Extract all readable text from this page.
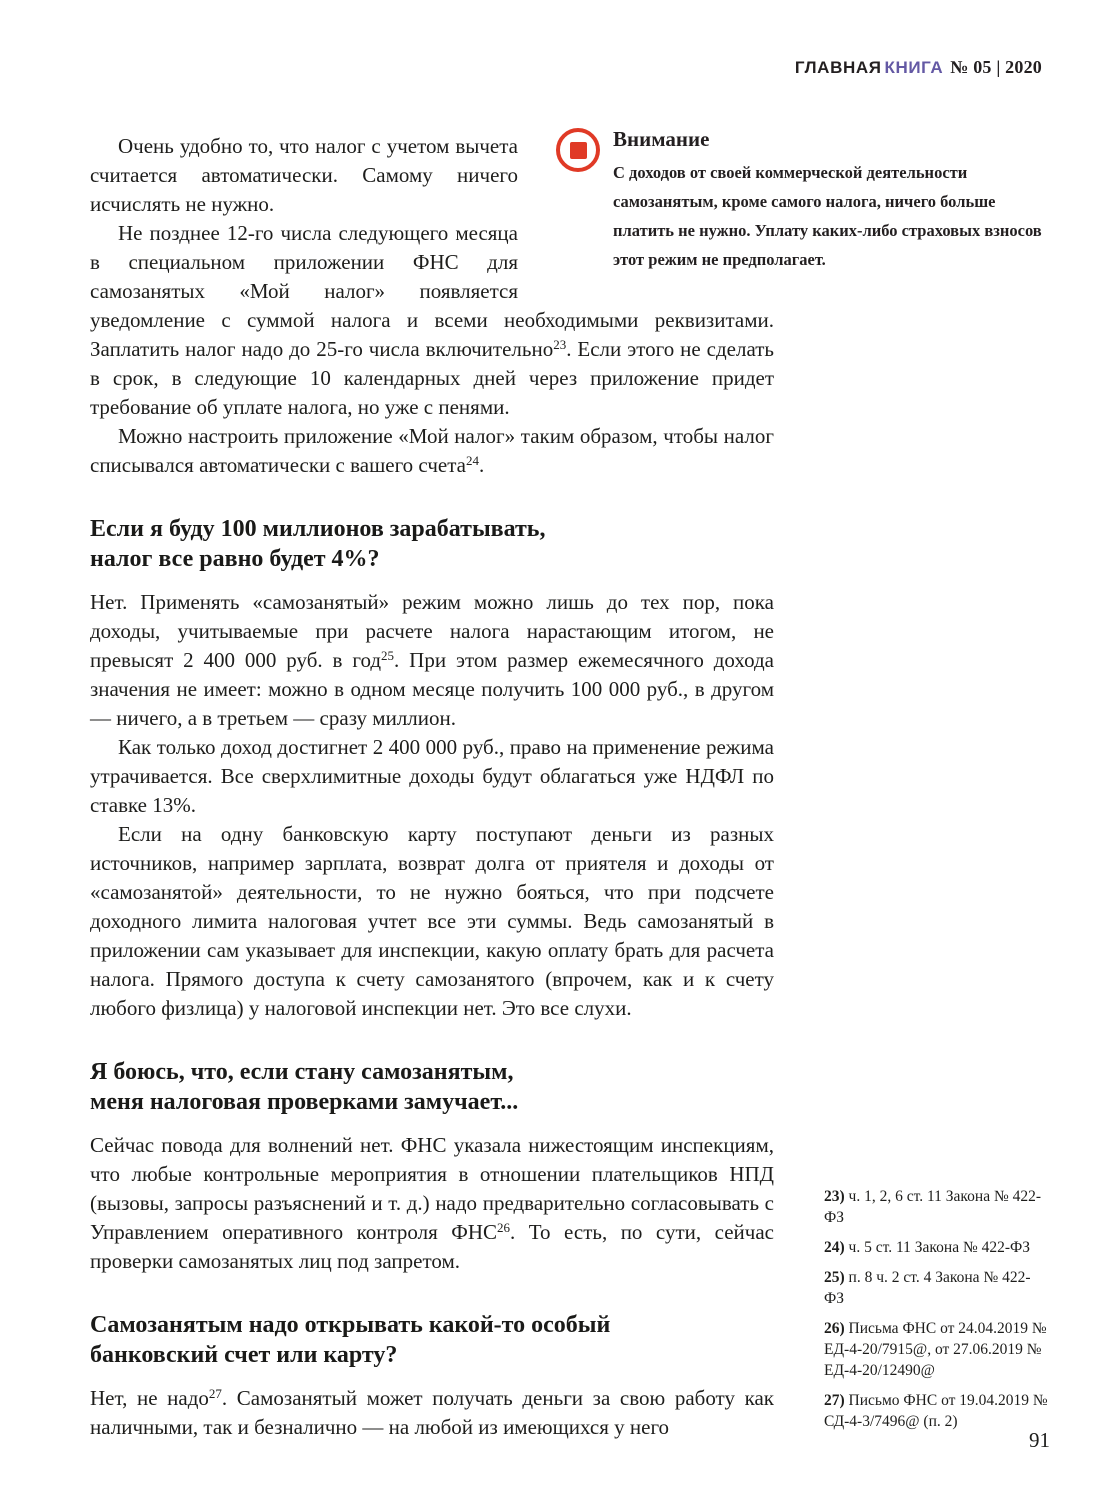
ГЛАВНАЯ КНИГА № 05 | 2020
Внимание
С доходов от своей коммерческой деятельности самозанятым, кроме самого налога, ничего больше платить не нужно. Уплату каких-либо страховых взносов этот режим не предполагает.

Очень удобно то, что налог с учетом вычета считается автоматически. Самому ничего исчислять не нужно.

Не позднее 12-го числа следующего месяца в специальном приложении ФНС для самозанятых «Мой налог» появляется уведомление с суммой налога и всеми необходимыми реквизитами. Заплатить налог надо до 25-го числа включительно$^{23}$. Если этого не сделать в срок, в следующие 10 календарных дней через приложение придет требование об уплате налога, но уже с пенями.

Можно настроить приложение «Мой налог» таким образом, чтобы налог списывался автоматически с вашего счета$^{24}$.

Если я буду 100 миллионов зарабатывать,
налог все равно будет 4%?

Нет. Применять «самозанятый» режим можно лишь до тех пор, пока доходы, учитываемые при расчете налога нарастающим итогом, не превысят 2 400 000 руб. в год$^{25}$. При этом размер ежемесячного дохода значения не имеет: можно в одном месяце получить 100 000 руб., в другом — ничего, а в третьем — сразу миллион.

Как только доход достигнет 2 400 000 руб., право на применение режима утрачивается. Все сверхлимитные доходы будут облагаться уже НДФЛ по ставке 13%.

Если на одну банковскую карту поступают деньги из разных источников, например зарплата, возврат долга от приятеля и доходы от «самозанятой» деятельности, то не нужно бояться, что при подсчете доходного лимита налоговая учтет все эти суммы. Ведь самозанятый в приложении сам указывает для инспекции, какую оплату брать для расчета налога. Прямого доступа к счету самозанятого (впрочем, как и к счету любого физлица) у налоговой инспекции нет. Это все слухи.

Я боюсь, что, если стану самозанятым,
меня налоговая проверками замучает...

Сейчас повода для волнений нет. ФНС указала нижестоящим инспекциям, что любые контрольные мероприятия в отношении плательщиков НПД (вызовы, запросы разъяснений и т. д.) надо предварительно согласовывать с Управлением оперативного контроля ФНС$^{26}$. То есть, по сути, сейчас проверки самозанятых лиц под запретом.

Самозанятым надо открывать какой-то особый
банковский счет или карту?

Нет, не надо$^{27}$. Самозанятый может получать деньги за свою работу как наличными, так и безналично — на любой из имеющихся у него

23) ч. 1, 2, 6 ст. 11 Закона № 422-ФЗ

24) ч. 5 ст. 11 Закона № 422-ФЗ

25) п. 8 ч. 2 ст. 4 Закона № 422-ФЗ

26) Письма ФНС от 24.04.2019 № ЕД-4-20/7915@, от 27.06.2019 № ЕД-4-20/12490@

27) Письмо ФНС от 19.04.2019 № СД-4-3/7496@ (п. 2)

91
